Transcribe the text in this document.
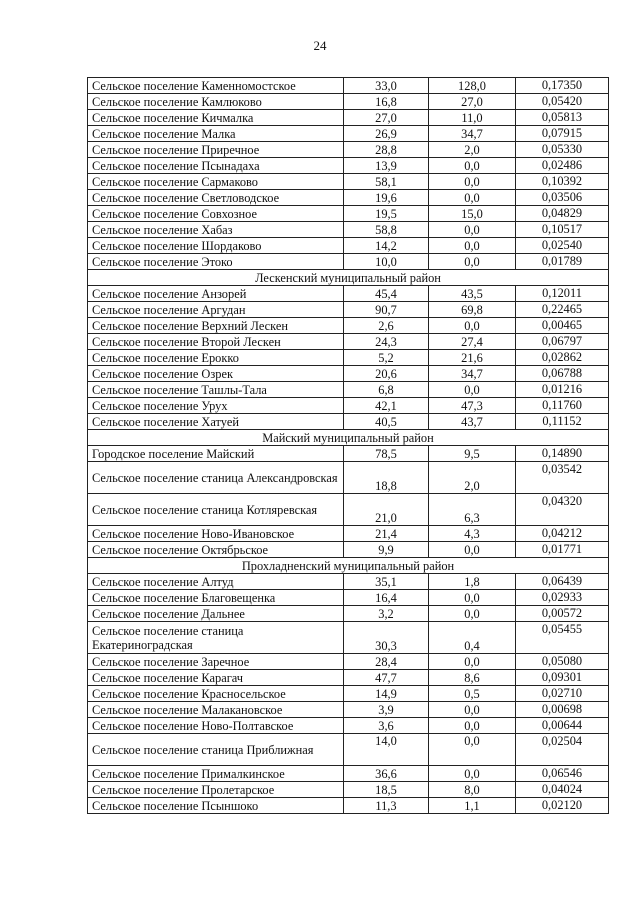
24
Сельское поселение Каменномостское	33,0	128,0	0,17350
Сельское поселение Камлюково	16,8	27,0	0,05420
Сельское поселение Кичмалка	27,0	11,0	0,05813
Сельское поселение Малка	26,9	34,7	0,07915
Сельское поселение Приречное	28,8	2,0	0,05330
Сельское поселение Псынадаха	13,9	0,0	0,02486
Сельское поселение Сармаково	58,1	0,0	0,10392
Сельское поселение Светловодское	19,6	0,0	0,03506
Сельское поселение Совхозное	19,5	15,0	0,04829
Сельское поселение Хабаз	58,8	0,0	0,10517
Сельское поселение Шордаково	14,2	0,0	0,02540
Сельское поселение Этоко	10,0	0,0	0,01789
Лескенский муниципальный район			
Сельское поселение Анзорей	45,4	43,5	0,12011
Сельское поселение Аргудан	90,7	69,8	0,22465
Сельское поселение Верхний Лескен	2,6	0,0	0,00465
Сельское поселение Второй Лескен	24,3	27,4	0,06797
Сельское поселение Ерокко	5,2	21,6	0,02862
Сельское поселение Озрек	20,6	34,7	0,06788
Сельское поселение Ташлы-Тала	6,8	0,0	0,01216
Сельское поселение Урух	42,1	47,3	0,11760
Сельское поселение Хатуей	40,5	43,7	0,11152
Майский муниципальный район			
Городское поселение Майский	78,5	9,5	0,14890
Сельское поселение станица Александровская	18,8	2,0	0,03542
Сельское поселение станица Котляревская	21,0	6,3	0,04320
Сельское поселение Ново-Ивановское	21,4	4,3	0,04212
Сельское поселение Октябрьское	9,9	0,0	0,01771
Прохладненский муниципальный район			
Сельское поселение Алтуд	35,1	1,8	0,06439
Сельское поселение Благовещенка	16,4	0,0	0,02933
Сельское поселение Дальнее	3,2	0,0	0,00572
Сельское поселение станица Екатериноградская	30,3	0,4	0,05455
Сельское поселение Заречное	28,4	0,0	0,05080
Сельское поселение Карагач	47,7	8,6	0,09301
Сельское поселение Красносельское	14,9	0,5	0,02710
Сельское поселение Малакановское	3,9	0,0	0,00698
Сельское поселение Ново-Полтавское	3,6	0,0	0,00644
Сельское поселение станица Приближная	14,0	0,0	0,02504
Сельское поселение Прималкинское	36,6	0,0	0,06546
Сельское поселение Пролетарское	18,5	8,0	0,04024
Сельское поселение Псыншоко	11,3	1,1	0,02120
